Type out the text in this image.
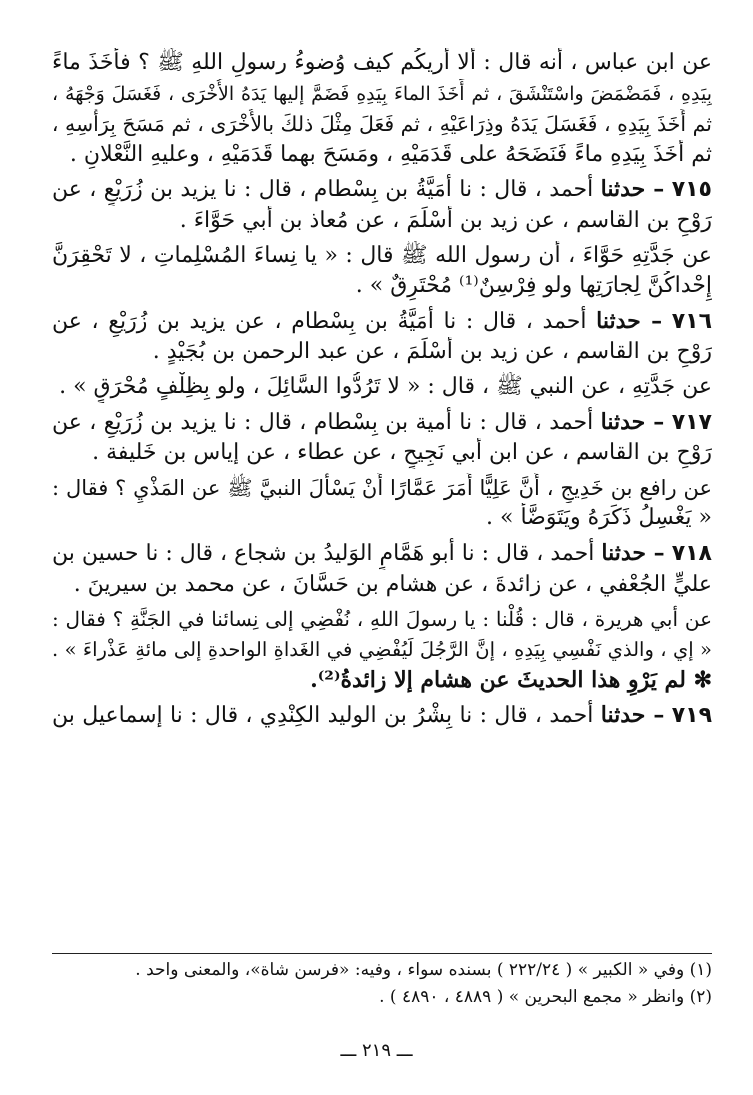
عن ابن عباس ، أنه قال : ألا أُريكُم كيف وُضوءُ رسولِ اللهِ ﷺ ؟ فأَخَذَ ماءً
بِيَدِهِ ، فَمَضْمَضَ واسْتَنْشَقَ ، ثم أَخَذَ الماءَ بِيَدِهِ فَضَمَّ إليها يَدَهُ الأُخْرَى ، فَغَسَلَ وَجْهَهُ ،
ثم أَخَذَ بِيَدِهِ ، فَغَسَلَ يَدَهُ وذِرَاعَيْهِ ، ثم فَعَلَ مِثْلَ ذلكَ بالأُخْرَى ، ثم مَسَحَ بِرَأْسِهِ ،
ثم أَخَذَ بِيَدِهِ ماءً فَنَضَحَهُ على قَدَمَيْهِ ، ومَسَحَ بهما قَدَمَيْهِ ، وعليهِ النَّعْلانِ .
٧١٥ – حدثنا أحمد ، قال : نا أُمَيَّةُ بن بِسْطام ، قال : نا يزيد بن زُرَيْعٍ ، عن
رَوْحِ بن القاسم ، عن زيد بن أَسْلَمَ ، عن مُعاذ بن أبي حَوَّاءَ .
عن جَدَّتِهِ حَوَّاءَ ، أن رسول الله ﷺ قال : « يا نِساءَ المُسْلِماتِ ، لا تَحْقِرَنَّ
إِحْداكُنَّ لِجارَتِها ولو فِرْسِنٌ⁽¹⁾ مُحْتَرِقٌ » .
٧١٦ – حدثنا أحمد ، قال : نا أُمَيَّةُ بن بِسْطام ، عن يزيد بن زُرَيْعٍ ، عن
رَوْحِ بن القاسم ، عن زيد بن أَسْلَمَ ، عن عبد الرحمن بن بُجَيْدٍ .
عن جَدَّتِهِ ، عن النبي ﷺ ، قال : « لا تَرُدُّوا السَّائِلَ ، ولو بِظِلْفٍ مُحْرَقٍ » .
٧١٧ – حدثنا أحمد ، قال : نا أمية بن بِسْطام ، قال : نا يزيد بن زُرَيْعٍ ، عن
رَوْحِ بن القاسم ، عن ابن أبي نَجِيحٍ ، عن عطاء ، عن إياس بن خَليفة .
عن رافع بن خَدِيجٍ ، أَنَّ عَلِيًّا أَمَرَ عَمَّارًا أَنْ يَسْأَلَ النبيَّ ﷺ عن المَذْيِ ؟ فقال :
« يَغْسِلُ ذَكَرَهُ ويَتَوَضَّأُ » .
٧١٨ – حدثنا أحمد ، قال : نا أبو هَمَّامٍ الوَليدُ بن شجاع ، قال : نا حسين بن
عليٍّ الجُعْفي ، عن زائدةَ ، عن هشام بن حَسَّانَ ، عن محمد بن سيرينَ .
عن أبي هريرة ، قال : قُلْنا : يا رسولَ اللهِ ، نُفْضِي إلى نِسائنا في الجَنَّةِ ؟ فقال :
« إي ، والذي نَفْسِي بِيَدِهِ ، إنَّ الرَّجُلَ لَيُفْضِي في الغَداةِ الواحدةِ إلى مائةِ عَذْراءَ » .
✻ لم يَرْوِ هذا الحديثَ عن هشام إلا زائدةُ⁽²⁾.
٧١٩ – حدثنا أحمد ، قال : نا بِشْرُ بن الوليد الكِنْدِي ، قال : نا إسماعيل بن
(١) وفي « الكبير » ( ٢٢٢/٢٤ ) بسنده سواء ، وفيه: «فرسن شاة»، والمعنى واحد .
(٢) وانظر « مجمع البحرين » ( ٤٨٨٩ ، ٤٨٩٠ ) .
ـــ ٢١٩ ـــ
